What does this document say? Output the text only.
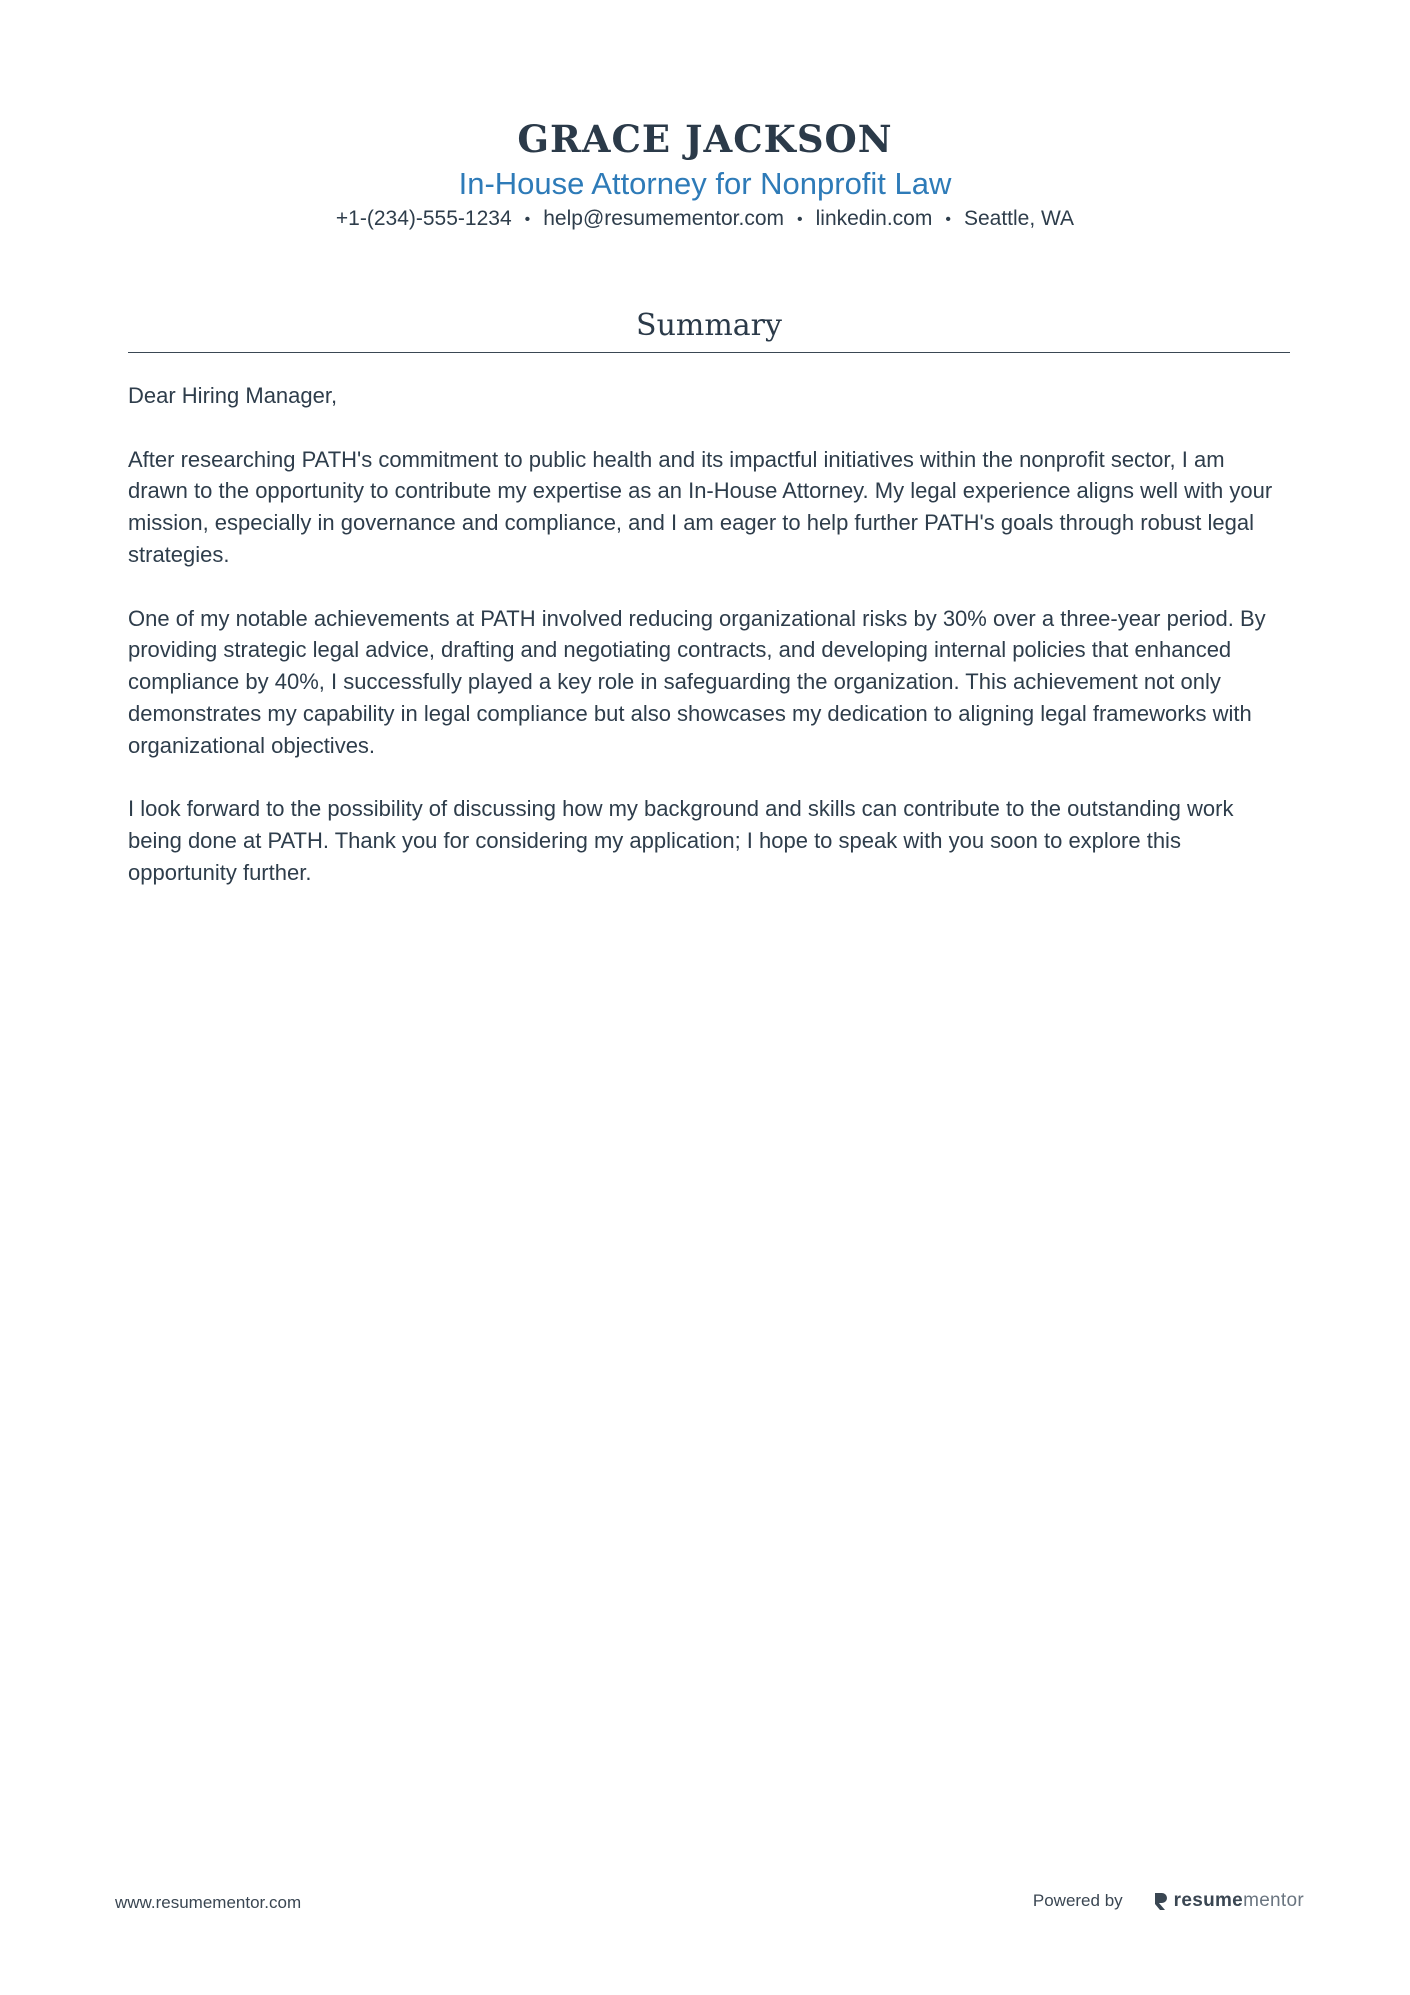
GRACE JACKSON
In-House Attorney for Nonprofit Law
+1-(234)-555-1234 • help@resumementor.com • linkedin.com • Seattle, WA
Summary

Dear Hiring Manager,

After researching PATH's commitment to public health and its impactful initiatives within the nonprofit sector, I am drawn to the opportunity to contribute my expertise as an In-House Attorney. My legal experience aligns well with your mission, especially in governance and compliance, and I am eager to help further PATH's goals through robust legal strategies.

One of my notable achievements at PATH involved reducing organizational risks by 30% over a three-year period. By providing strategic legal advice, drafting and negotiating contracts, and developing internal policies that enhanced compliance by 40%, I successfully played a key role in safeguarding the organization. This achievement not only demonstrates my capability in legal compliance but also showcases my dedication to aligning legal frameworks with organizational objectives.

I look forward to the possibility of discussing how my background and skills can contribute to the outstanding work being done at PATH. Thank you for considering my application; I hope to speak with you soon to explore this opportunity further.

www.resumementor.com	Powered by	resumementor
